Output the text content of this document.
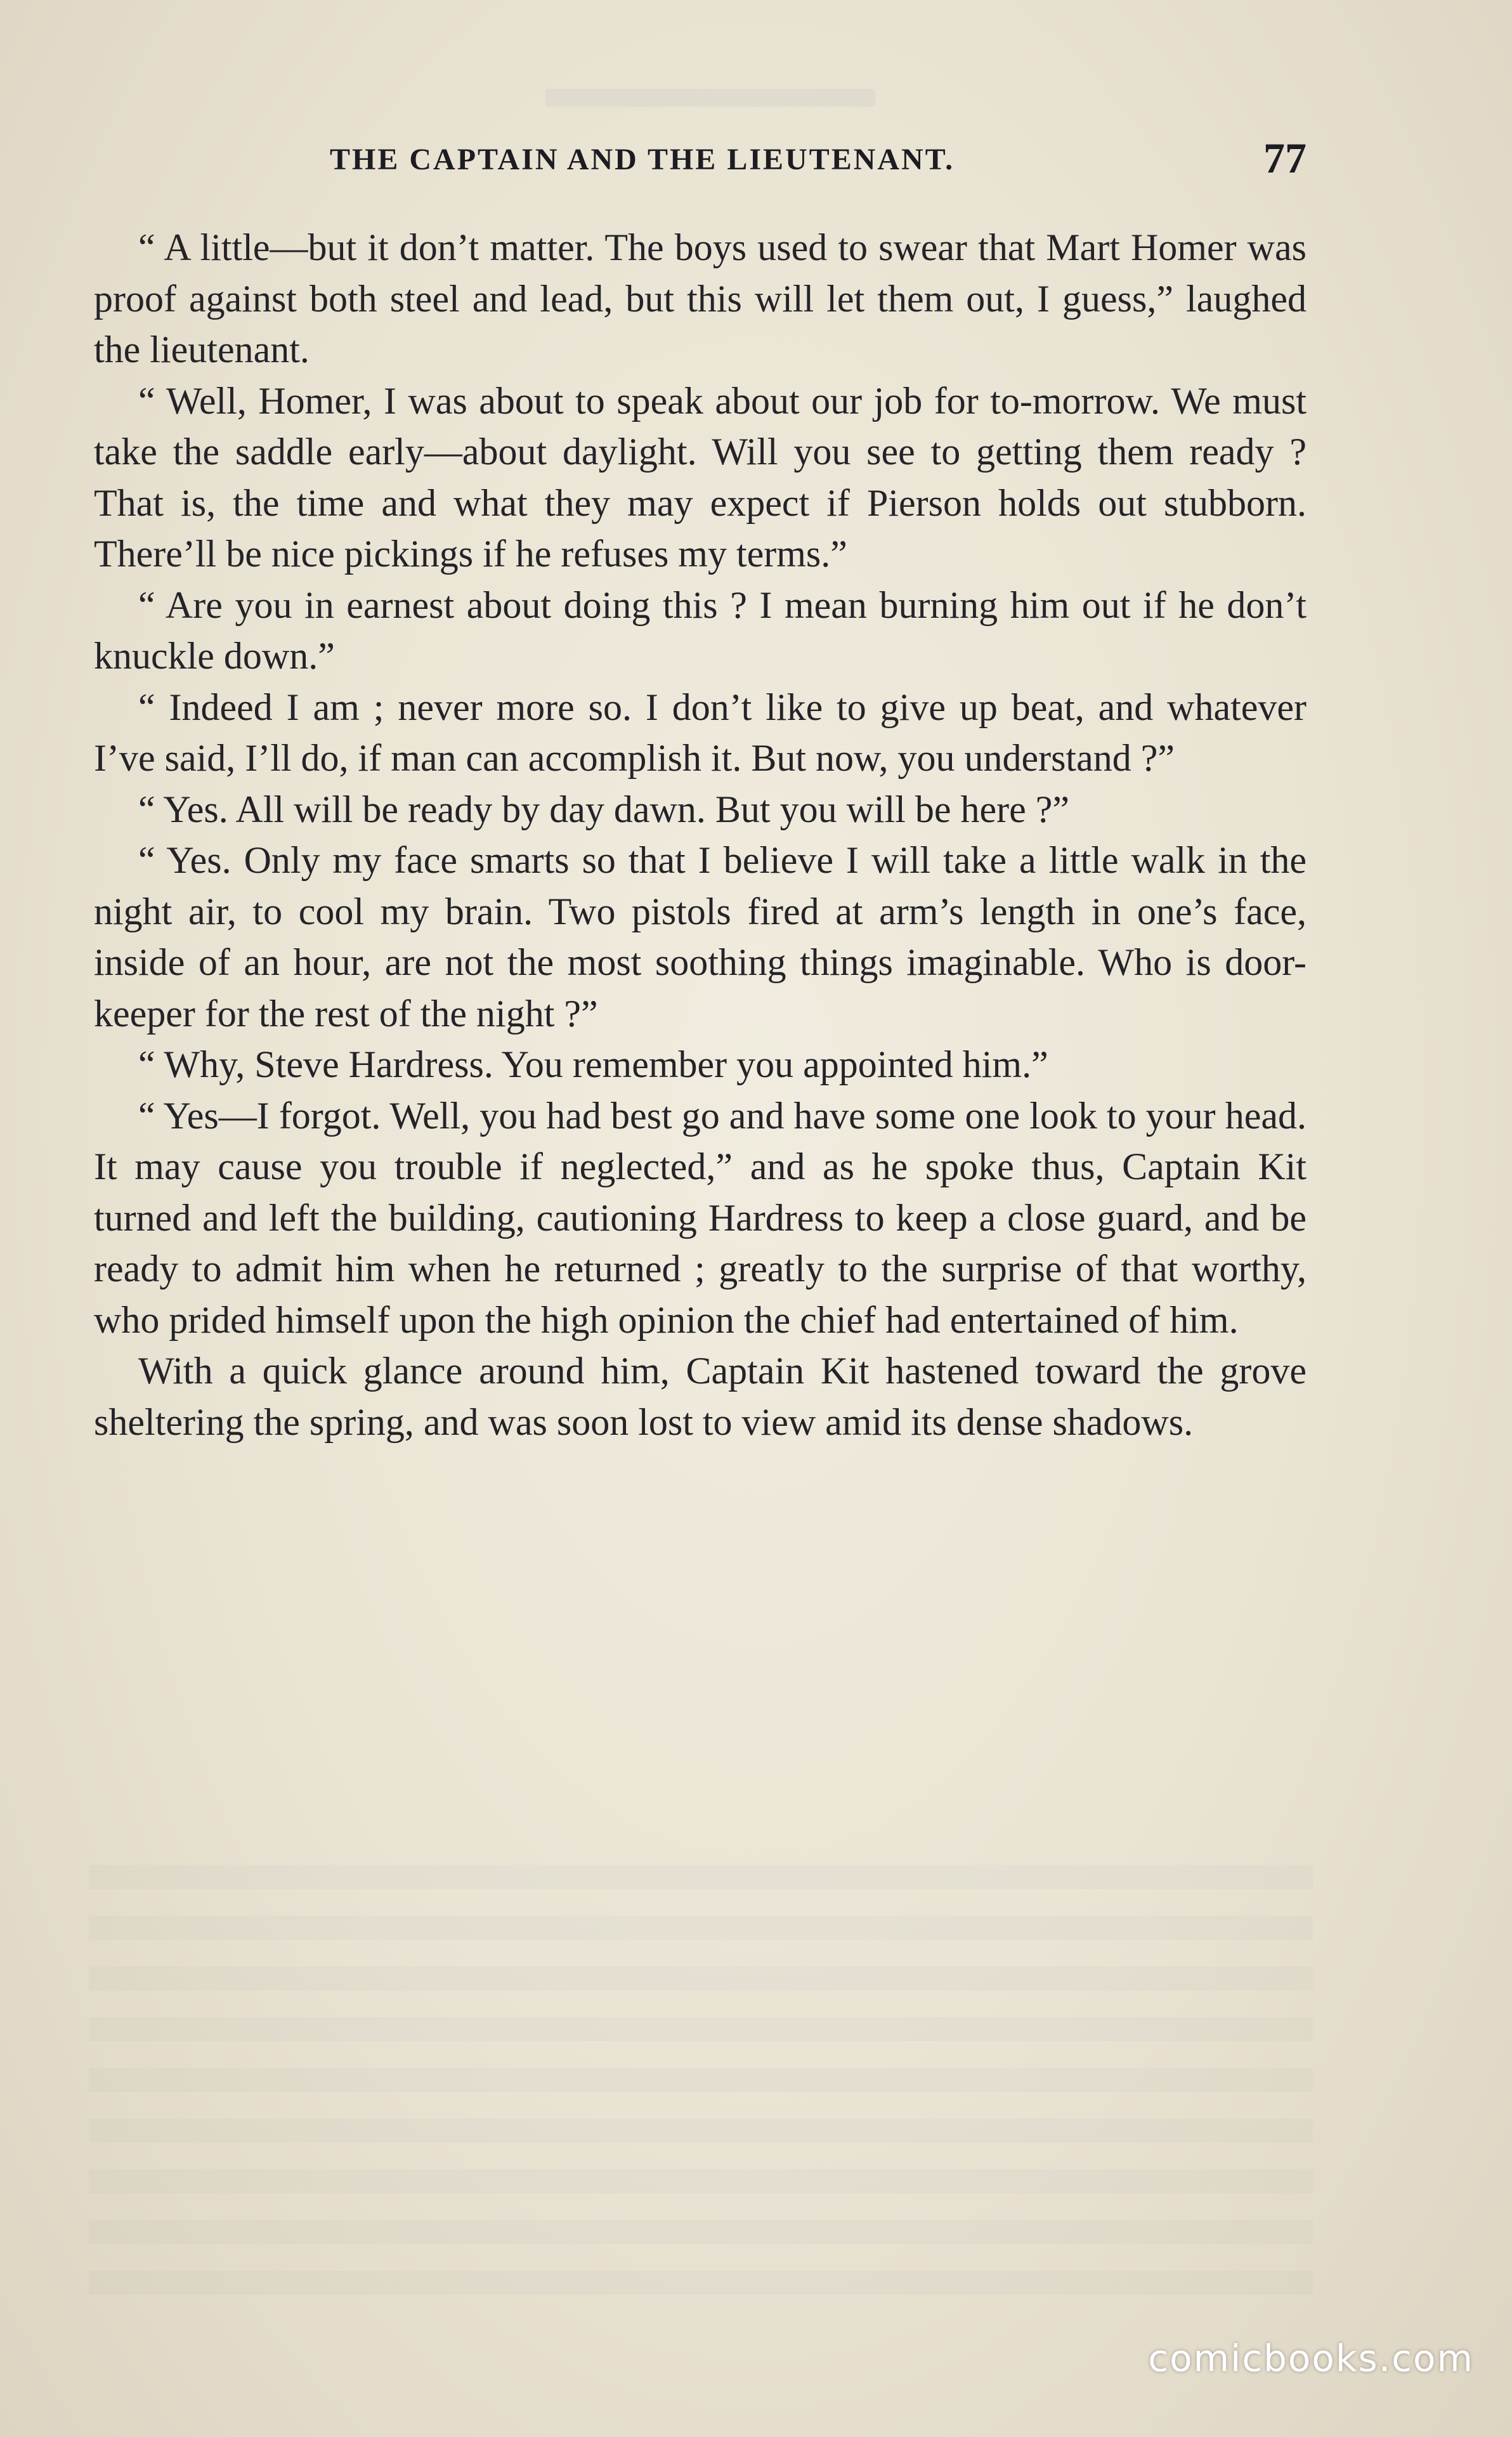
THE CAPTAIN AND THE LIEUTENANT.	77

“ A little—but it don’t matter. The boys used to swear that Mart Homer was proof against both steel and lead, but this will let them out, I guess,” laughed the lieutenant.

“ Well, Homer, I was about to speak about our job for to-morrow. We must take the saddle early—about daylight. Will you see to getting them ready ? That is, the time and what they may expect if Pierson holds out stubborn. There’ll be nice pickings if he refuses my terms.”

“ Are you in earnest about doing this ? I mean burning him out if he don’t knuckle down.”

“ Indeed I am ; never more so. I don’t like to give up beat, and whatever I’ve said, I’ll do, if man can accomplish it. But now, you understand ?”

“ Yes. All will be ready by day dawn. But you will be here ?”

“ Yes. Only my face smarts so that I believe I will take a little walk in the night air, to cool my brain. Two pistols fired at arm’s length in one’s face, inside of an hour, are not the most soothing things imaginable. Who is door-keeper for the rest of the night ?”

“ Why, Steve Hardress. You remember you appointed him.”

“ Yes—I forgot. Well, you had best go and have some one look to your head. It may cause you trouble if neglected,” and as he spoke thus, Captain Kit turned and left the building, cautioning Hardress to keep a close guard, and be ready to admit him when he returned ; greatly to the surprise of that worthy, who prided himself upon the high opinion the chief had entertained of him.

With a quick glance around him, Captain Kit hastened toward the grove sheltering the spring, and was soon lost to view amid its dense shadows.

comicbooks.com
